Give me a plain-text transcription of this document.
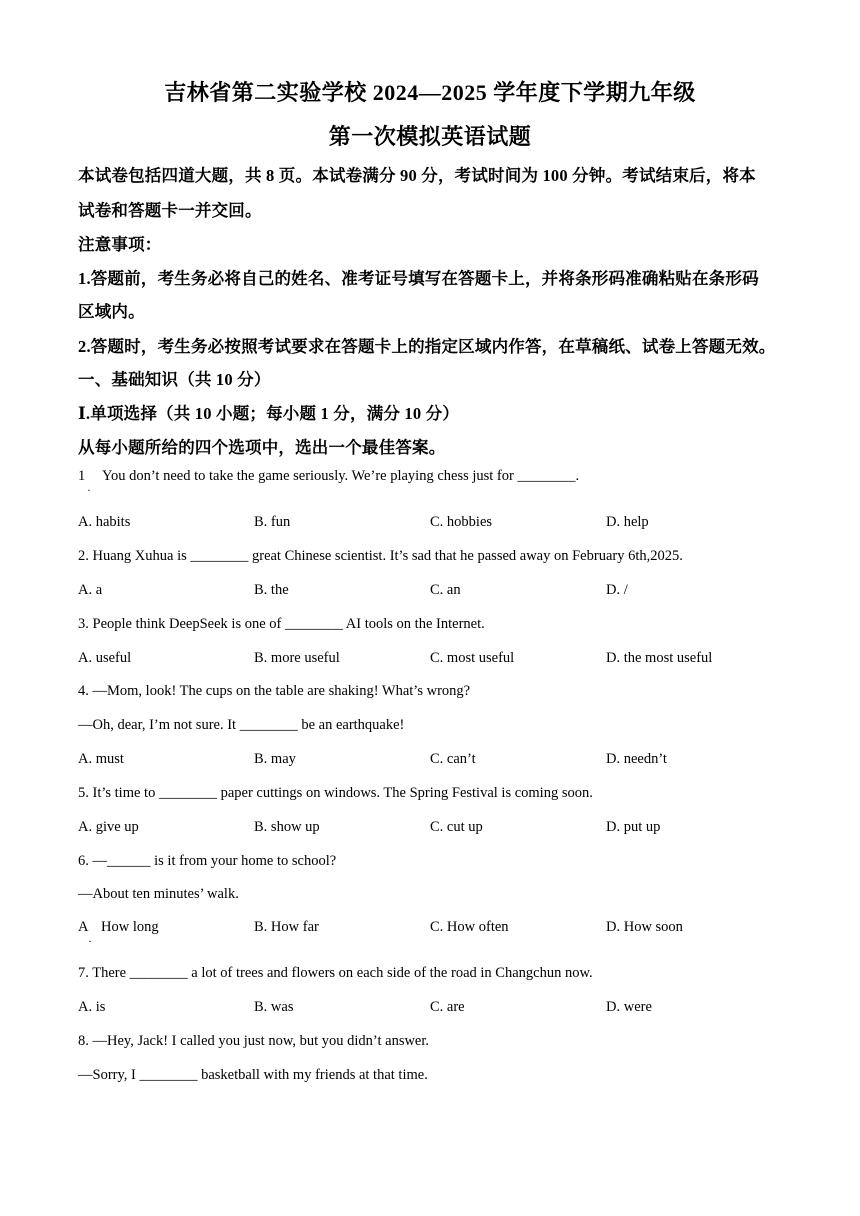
吉林省第二实验学校 2024—2025 学年度下学期九年级
第一次模拟英语试题
本试卷包括四道大题，共 8 页。本试卷满分 90 分，考试时间为 100 分钟。考试结束后，将本
试卷和答题卡一并交回。
注意事项：
1.答题前，考生务必将自己的姓名、准考证号填写在答题卡上，并将条形码准确粘贴在条形码
区域内。
2.答题时，考生务必按照考试要求在答题卡上的指定区域内作答，在草稿纸、试卷上答题无效。
一、基础知识（共 10 分）
Ⅰ.单项选择（共 10 小题；每小题 1 分，满分 10 分）
从每小题所给的四个选项中，选出一个最佳答案。
1 You don’t need to take the game seriously. We’re playing chess just for ________.
·
A. habits	B. fun	C. hobbies	D. help
2. Huang Xuhua is ________ great Chinese scientist. It’s sad that he passed away on February 6th,2025.
A. a	B. the	C. an	D. /
3. People think DeepSeek is one of ________ AI tools on the Internet.
A. useful	B. more useful	C. most useful	D. the most useful
4. —Mom, look! The cups on the table are shaking! What’s wrong?
—Oh, dear, I’m not sure. It ________ be an earthquake!
A. must	B. may	C. can’t	D. needn’t
5. It’s time to ________ paper cuttings on windows. The Spring Festival is coming soon.
A. give up	B. show up	C. cut up	D. put up
6. —______ is it from your home to school?
—About ten minutes’ walk.
A How long
·
B. How far	C. How often	D. How soon
7. There ________ a lot of trees and flowers on each side of the road in Changchun now.
A. is	B. was	C. are	D. were
8. —Hey, Jack! I called you just now, but you didn’t answer.
—Sorry, I ________ basketball with my friends at that time.
